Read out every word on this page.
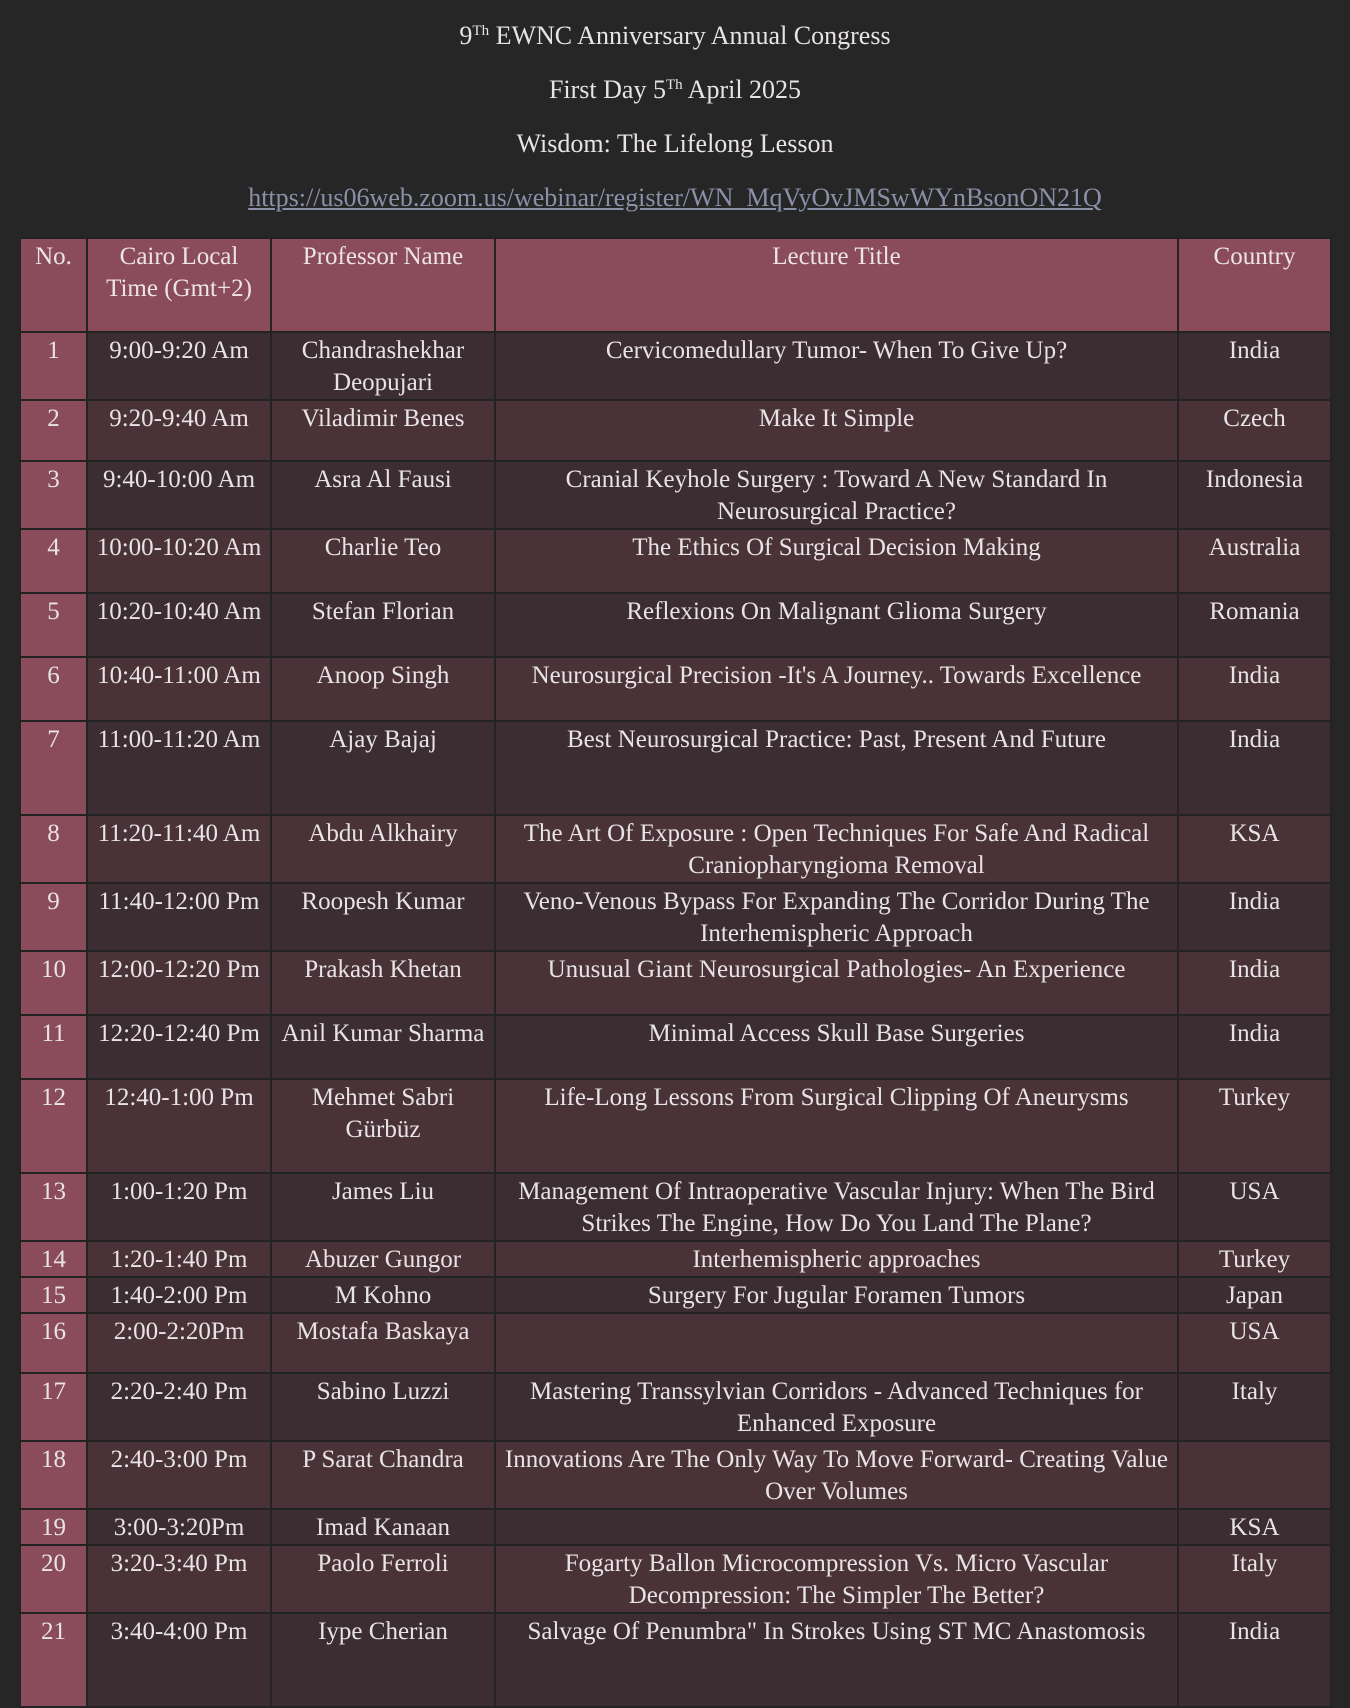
9Th EWNC Anniversary Annual Congress
First Day 5Th April 2025
Wisdom: The Lifelong Lesson
https://us06web.zoom.us/webinar/register/WN_MqVyOvJMSwWYnBsonON21Q
No.	Cairo Local Time (Gmt+2)	Professor Name	Lecture Title	Country
1	9:00-9:20 Am	Chandrashekhar Deopujari	Cervicomedullary Tumor- When To Give Up?	India
2	9:20-9:40 Am	Viladimir Benes	Make It Simple	Czech
3	9:40-10:00 Am	Asra Al Fausi	Cranial Keyhole Surgery : Toward A New Standard In Neurosurgical Practice?	Indonesia
4	10:00-10:20 Am	Charlie Teo	The Ethics Of Surgical Decision Making	Australia
5	10:20-10:40 Am	Stefan Florian	Reflexions On Malignant Glioma Surgery	Romania
6	10:40-11:00 Am	Anoop Singh	Neurosurgical Precision -It's A Journey.. Towards Excellence	India
7	11:00-11:20 Am	Ajay Bajaj	Best Neurosurgical Practice: Past, Present And Future	India
8	11:20-11:40 Am	Abdu Alkhairy	The Art Of Exposure : Open Techniques For Safe And Radical Craniopharyngioma Removal	KSA
9	11:40-12:00 Pm	Roopesh Kumar	Veno-Venous Bypass For Expanding The Corridor During The Interhemispheric Approach	India
10	12:00-12:20 Pm	Prakash Khetan	Unusual Giant Neurosurgical Pathologies- An Experience	India
11	12:20-12:40 Pm	Anil Kumar Sharma	Minimal Access Skull Base Surgeries	India
12	12:40-1:00 Pm	Mehmet Sabri Gürbüz	Life-Long Lessons From Surgical Clipping Of Aneurysms	Turkey
13	1:00-1:20 Pm	James Liu	Management Of Intraoperative Vascular Injury: When The Bird Strikes The Engine, How Do You Land The Plane?	USA
14	1:20-1:40 Pm	Abuzer Gungor	Interhemispheric approaches	Turkey
15	1:40-2:00 Pm	M Kohno	Surgery For Jugular Foramen Tumors	Japan
16	2:00-2:20Pm	Mostafa Baskaya		USA
17	2:20-2:40 Pm	Sabino Luzzi	Mastering Transsylvian Corridors - Advanced Techniques for Enhanced Exposure	Italy
18	2:40-3:00 Pm	P Sarat Chandra	Innovations Are The Only Way To Move Forward- Creating Value Over Volumes	
19	3:00-3:20Pm	Imad Kanaan		KSA
20	3:20-3:40 Pm	Paolo Ferroli	Fogarty Ballon Microcompression Vs. Micro Vascular Decompression: The Simpler The Better?	Italy
21	3:40-4:00 Pm	Iype Cherian	Salvage Of Penumbra" In Strokes Using ST MC Anastomosis	India
